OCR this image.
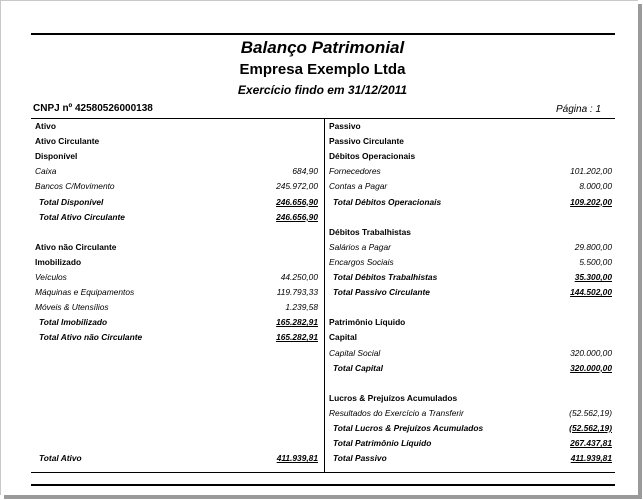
Balanço Patrimonial
Empresa Exemplo Ltda
Exercício findo em 31/12/2011
CNPJ nº 42580526000138	Página : 1
Ativo
Ativo Circulante
Disponível
Caixa	684,90
Bancos C/Movimento	245.972,00
Total Disponível	246.656,90
Total Ativo Circulante	246.656,90
Ativo não Circulante
Imobilizado
Veículos	44.250,00
Máquinas e Equipamentos	119.793,33
Móveis & Utensílios	1.239,58
Total Imobilizado	165.282,91
Total Ativo não Circulante	165.282,91
Total Ativo	411.939,81
Passivo
Passivo Circulante
Débitos Operacionais
Fornecedores	101.202,00
Contas a Pagar	8.000,00
Total Débitos Operacionais	109.202,00
Débitos Trabalhistas
Salários a Pagar	29.800,00
Encargos Sociais	5.500,00
Total Débitos Trabalhistas	35.300,00
Total Passivo Circulante	144.502,00
Patrimônio Líquido
Capital
Capital Social	320.000,00
Total Capital	320.000,00
Lucros & Prejuízos Acumulados
Resultados do Exercício a Transferir	(52.562,19)
Total Lucros & Prejuízos Acumulados	(52.562,19)
Total Patrimônio Líquido	267.437,81
Total Passivo	411.939,81
